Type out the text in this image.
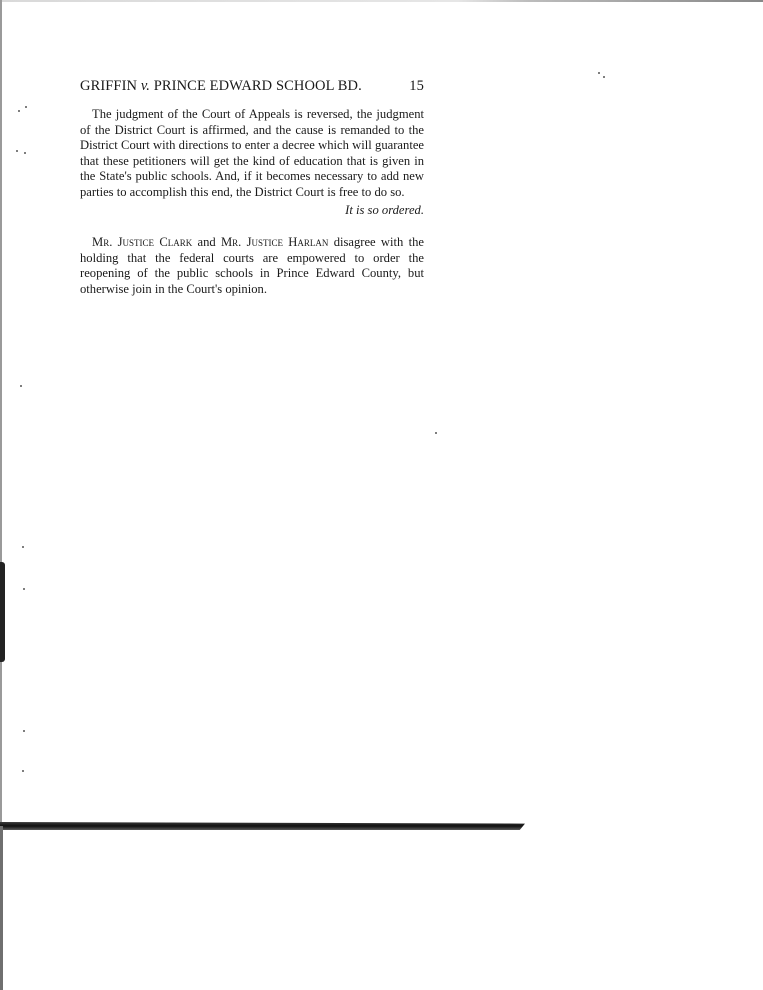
GRIFFIN v. PRINCE EDWARD SCHOOL BD.	15

The judgment of the Court of Appeals is reversed, the judgment of the District Court is affirmed, and the cause is remanded to the District Court with directions to enter a decree which will guarantee that these petitioners will get the kind of education that is given in the State's public schools. And, if it becomes necessary to add new parties to accomplish this end, the District Court is free to do so.

It is so ordered.

Mr. Justice Clark and Mr. Justice Harlan disagree with the holding that the federal courts are empowered to order the reopening of the public schools in Prince Edward County, but otherwise join in the Court's opinion.
